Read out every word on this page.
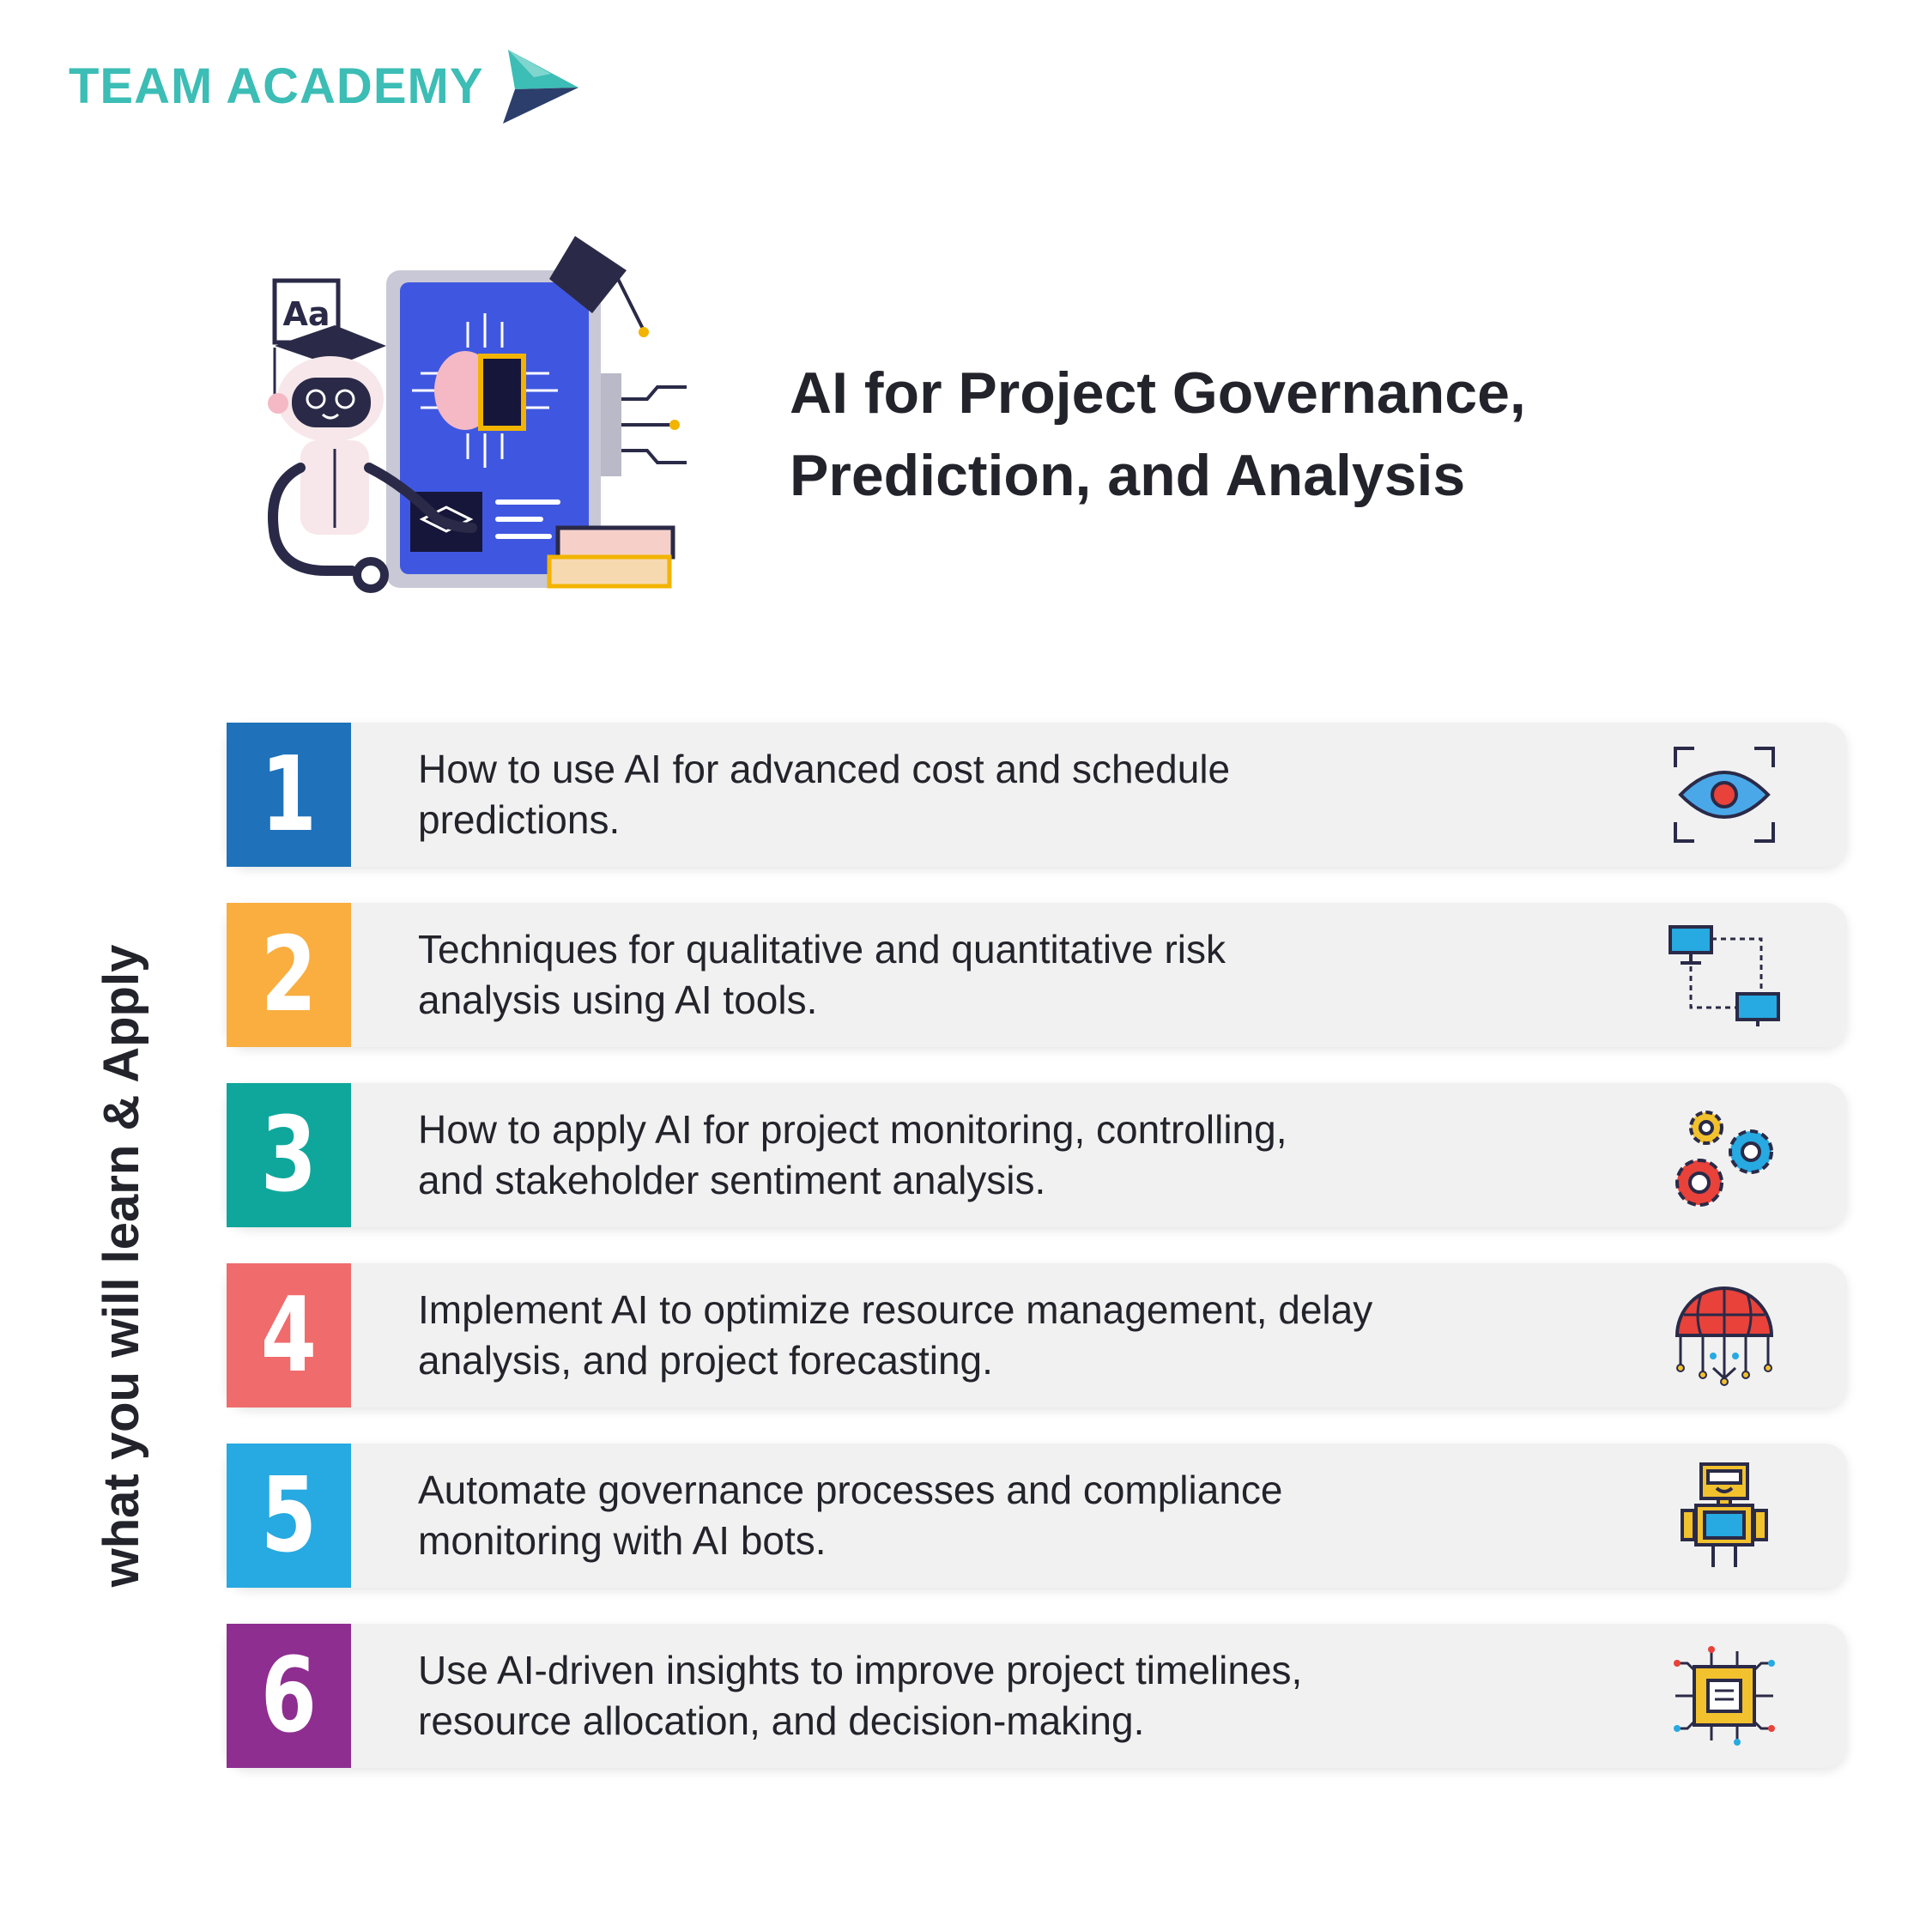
TEAM ACADEMY
Aa
AI for Project Governance,
Prediction, and Analysis
what you will learn & Apply
1	How to use AI for advanced cost and schedule
predictions.
2	Techniques for qualitative and quantitative risk
analysis using AI tools.
3	How to apply AI for project monitoring, controlling,
and stakeholder sentiment analysis.
4	Implement AI to optimize resource management, delay
analysis, and project forecasting.
5	Automate governance processes and compliance
monitoring with AI bots.
6	Use AI-driven insights to improve project timelines,
resource allocation, and decision-making.
